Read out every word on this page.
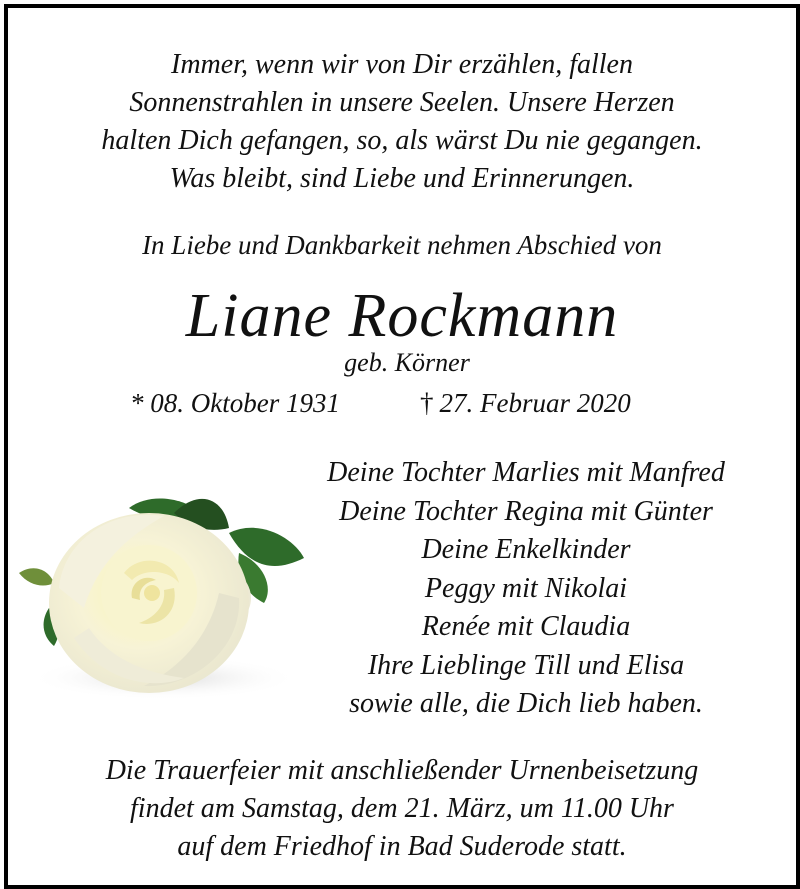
Immer, wenn wir von Dir erzählen, fallen
Sonnenstrahlen in unsere Seelen. Unsere Herzen
halten Dich gefangen, so, als wärst Du nie gegangen.
Was bleibt, sind Liebe und Erinnerungen.
In Liebe und Dankbarkeit nehmen Abschied von
Liane Rockmann
geb. Körner
* 08. Oktober 1931	† 27. Februar 2020
Deine Tochter Marlies mit Manfred
Deine Tochter Regina mit Günter
Deine Enkelkinder
Peggy mit Nikolai
Renée mit Claudia
Ihre Lieblinge Till und Elisa
sowie alle, die Dich lieb haben.
Die Trauerfeier mit anschließender Urnenbeisetzung
findet am Samstag, dem 21. März, um 11.00 Uhr
auf dem Friedhof in Bad Suderode statt.
